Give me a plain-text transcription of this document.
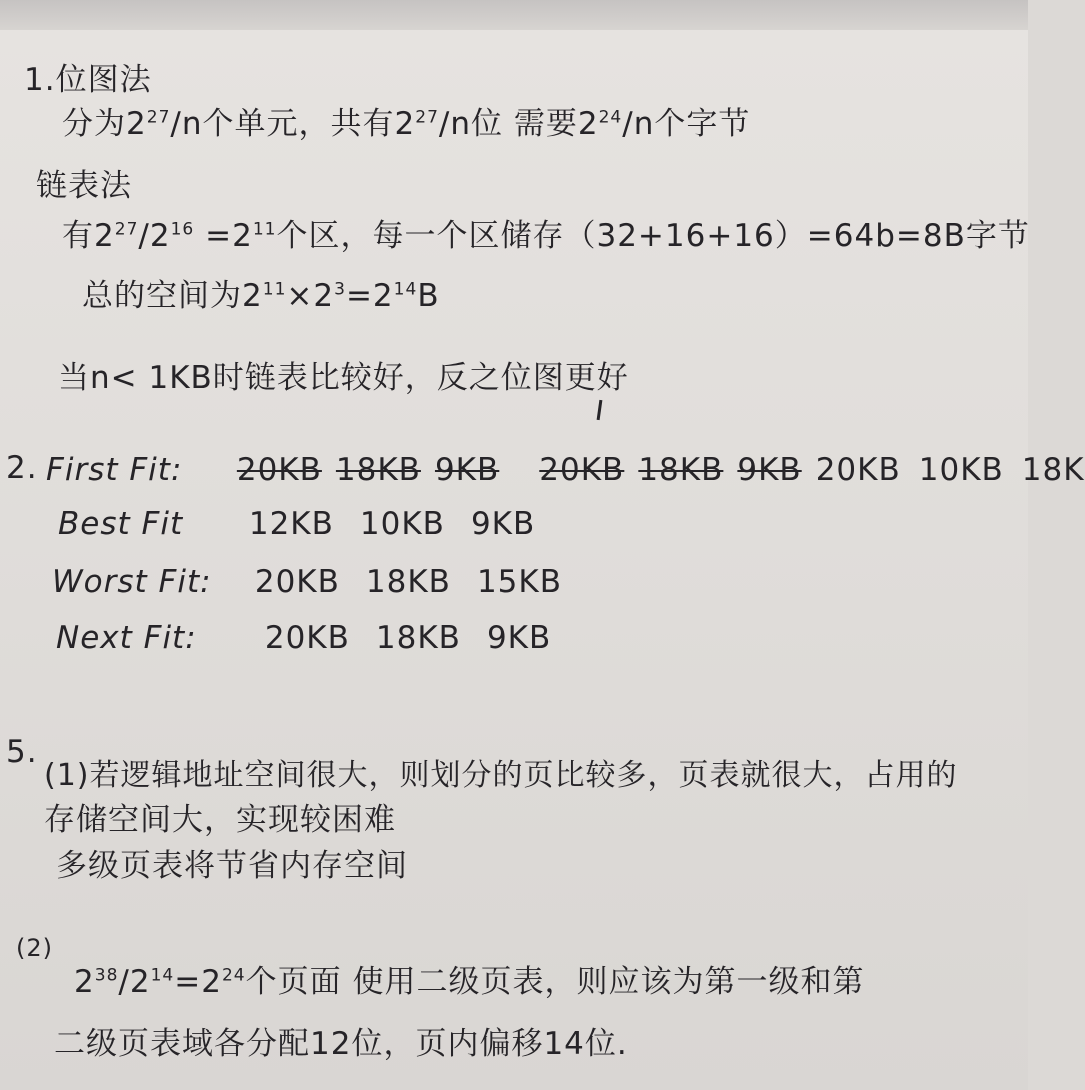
1.位图法
分为$2^{27}/n$个单元，共有$2^{27}/n$位 需要$2^{24}/n$个字节
链表法
有$2^{27}/2^{16} =2^{11}$个区，每一个区储存（32+16+16）=64b=8B字节
总的空间为$2^{11}\times 2^3=2^{14}B$
当n< 1KB时链表比较好，反之位图更好
2. First Fit: 20KB 18KB 9KB 20KB 18KB 9KB 20KB 10KB 18K
Best Fit 12KB 10KB 9KB
Worst Fit: 20KB 18KB 15KB
Next Fit: 20KB 18KB 9KB
5.
(1)若逻辑地址空间很大，则划分的页比较多，页表就很大，占用的
存储空间大，实现较困难
多级页表将节省内存空间
(2)
$2^{38}/2^{14}=2^{24}$个页面 使用二级页表，则应该为第一级和第
二级页表域各分配12位，页内偏移14位.
